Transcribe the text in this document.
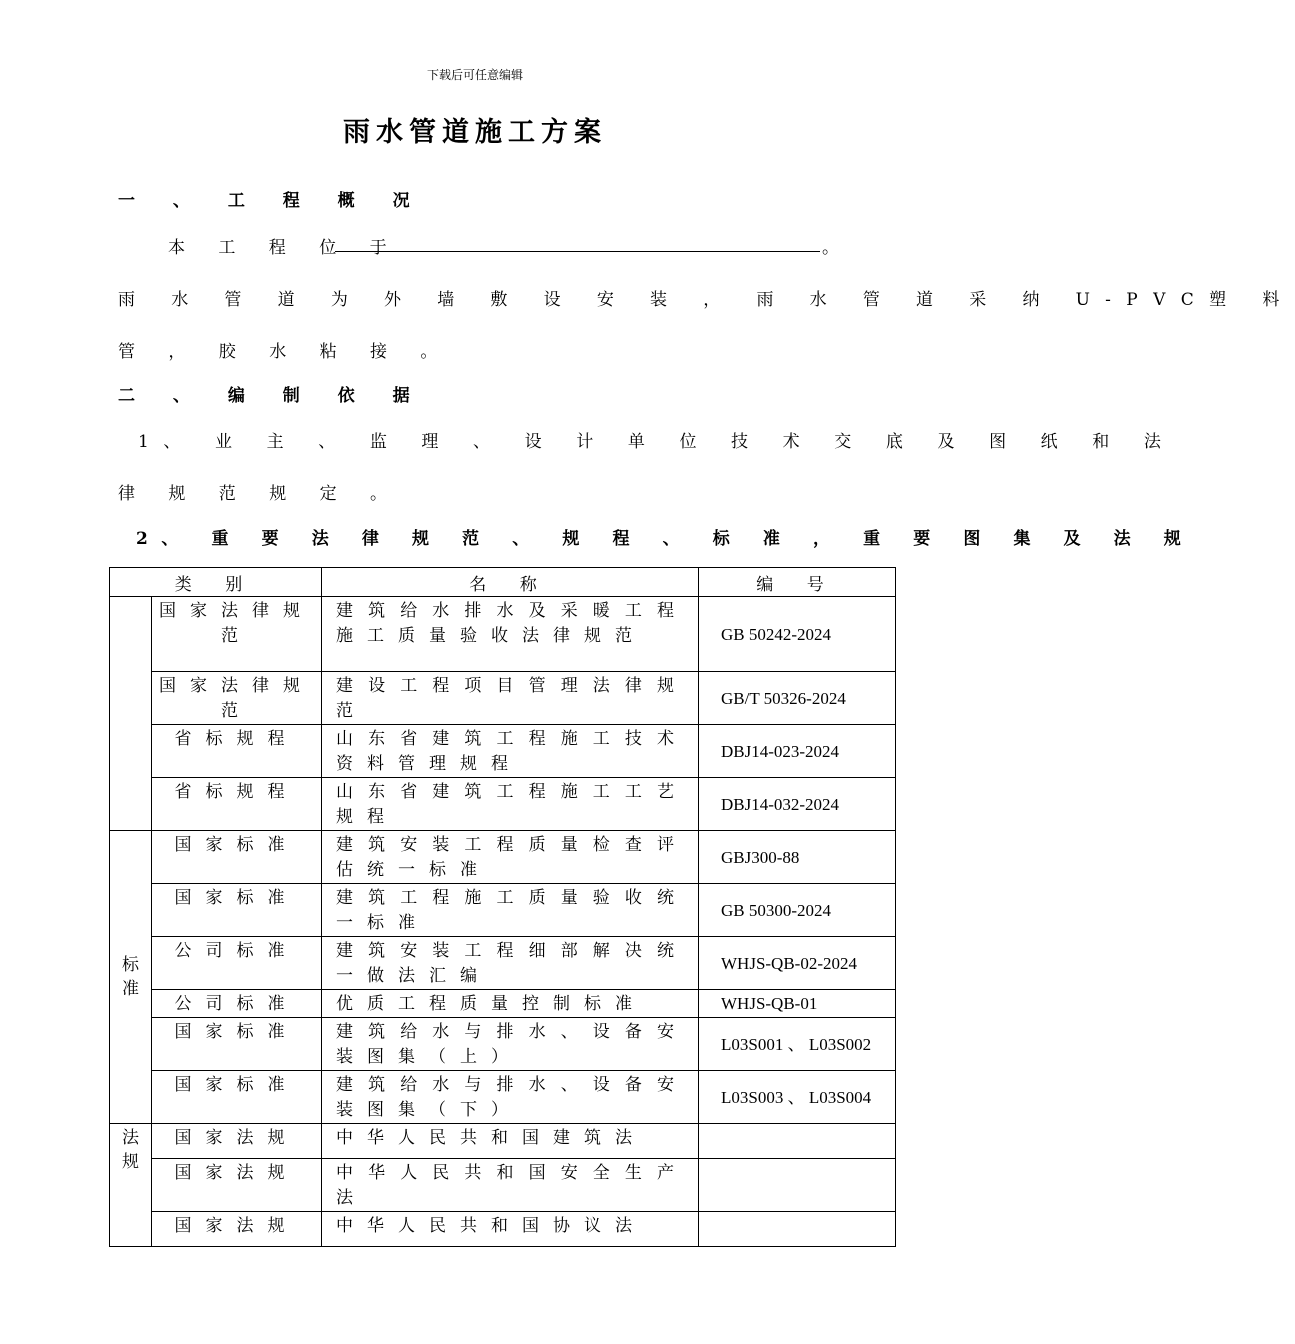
下载后可任意编辑
雨水管道施工方案
一 、 工 程 概 况
本 工 程 位 于	。
雨 水 管 道 为 外 墙 敷 设 安 装 ， 雨 水 管 道 采 纳 U-PVC塑 料
管 ， 胶 水 粘 接 。
二 、 编 制 依 据
1、 业 主 、 监 理 、 设 计 单 位 技 术 交 底 及 图 纸 和 法
律 规 范 规 定 。
2、 重 要 法 律 规 范 、 规 程 、 标 准 ， 重 要 图 集 及 法 规
类 别		名 称	编 号
	国家法律规范	建筑给水排水及采暖工程施工质量验收法律规范	GB 50242-2024
	国家法律规范	建设工程项目管理法律规范	GB/T 50326-2024
	省标规程	山东省建筑工程施工技术资料管理规程	DBJ14-023-2024
	省标规程	山东省建筑工程施工工艺规程	DBJ14-032-2024
标准	国家标准	建筑安装工程质量检查评估统一标准	GBJ300-88
	国家标准	建筑工程施工质量验收统一标准	GB 50300-2024
	公司标准	建筑安装工程细部解决统一做法汇编	WHJS-QB-02-2024
	公司标准	优质工程质量控制标准	WHJS-QB-01
	国家标准	建筑给水与排水、设备安装图集（上）	L03S001 、 L03S002
	国家标准	建筑给水与排水、设备安装图集（下）	L03S003 、 L03S004
法规	国家法规	中华人民共和国建筑法	
	国家法规	中华人民共和国安全生产法	
	国家法规	中华人民共和国协议法	
